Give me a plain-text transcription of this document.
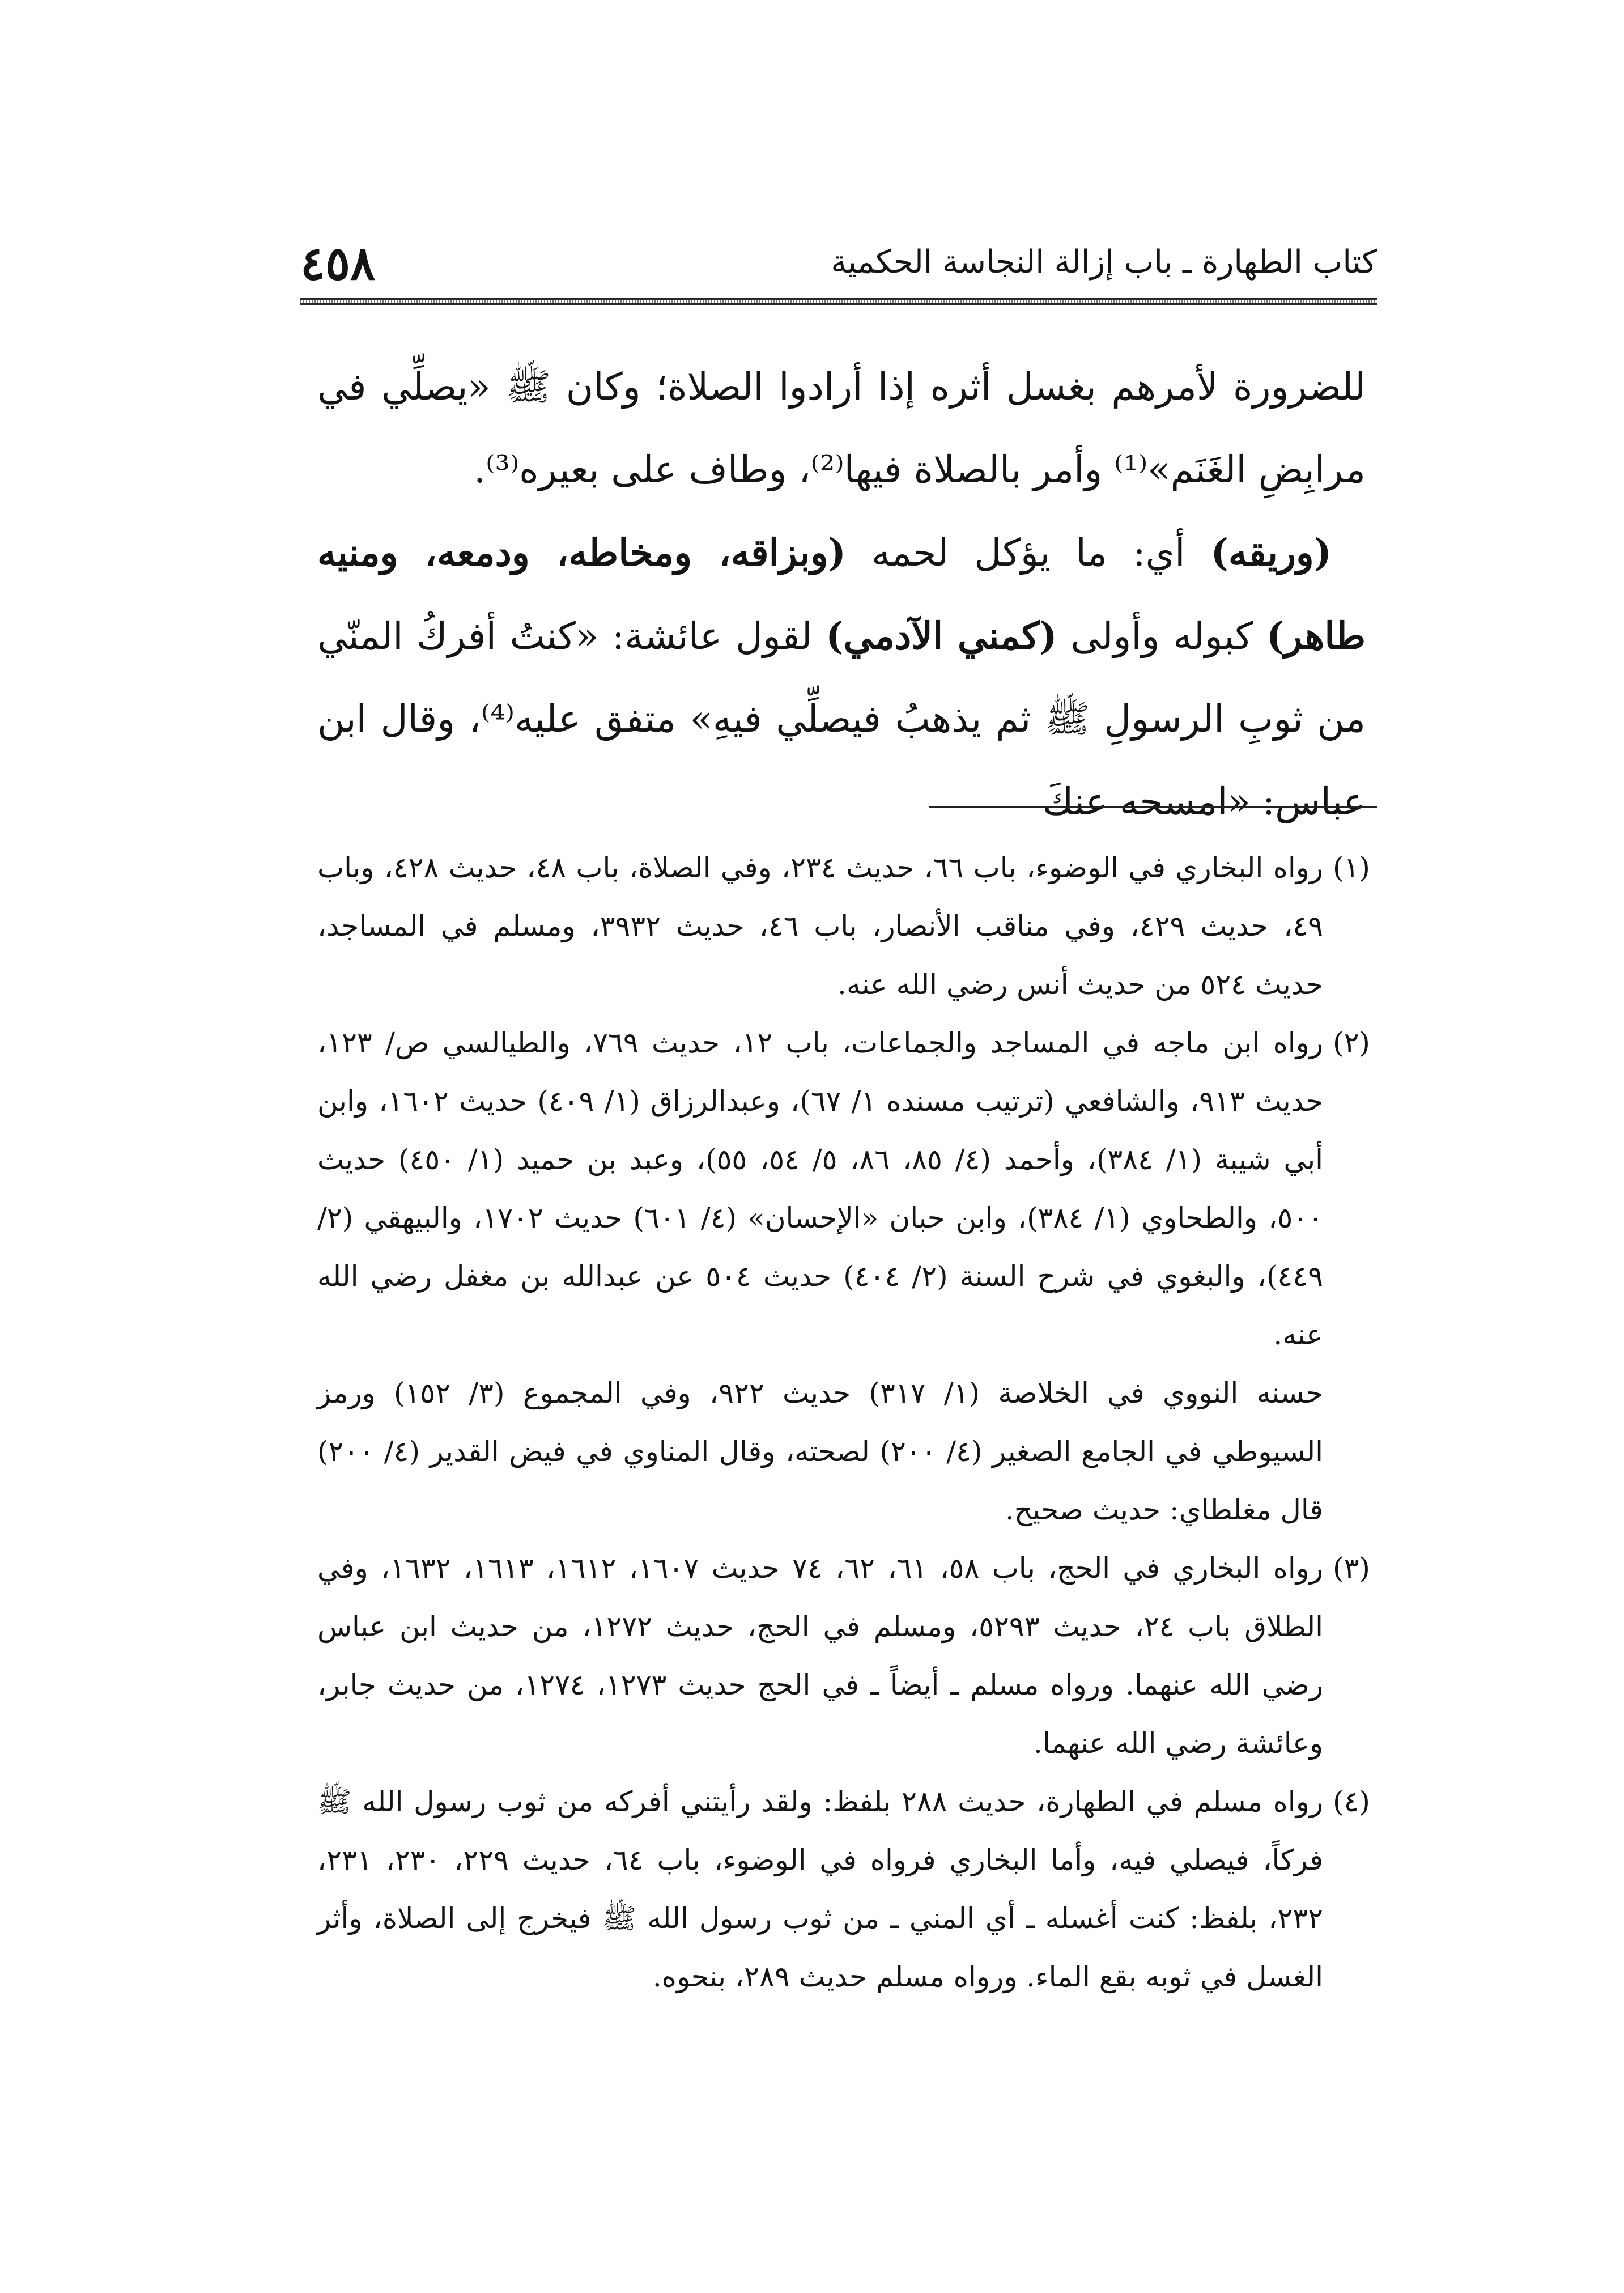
كتاب الطهارة ـ باب إزالة النجاسة الحكمية
٤٥٨

للضرورة لأمرهم بغسل أثره إذا أرادوا الصلاة؛ وكان ﷺ «يصلِّي في مرابِضِ الغَنَم»⁽¹⁾ وأمر بالصلاة فيها⁽²⁾، وطاف على بعيره⁽³⁾.

(وريقه) أي: ما يؤكل لحمه (وبزاقه، ومخاطه، ودمعه، ومنيه طاهر) كبوله وأولى (كمني الآدمي) لقول عائشة: «كنتُ أفركُ المنّي من ثوبِ الرسولِ ﷺ ثم يذهبُ فيصلِّي فيهِ» متفق عليه⁽⁴⁾، وقال ابن عباس: «امسحه عنكَ

(١)

رواه البخاري في الوضوء، باب ٦٦، حديث ٢٣٤، وفي الصلاة، باب ٤٨، حديث ٤٢٨، وباب ٤٩، حديث ٤٢٩، وفي مناقب الأنصار، باب ٤٦، حديث ٣٩٣٢، ومسلم في المساجد، حديث ٥٢٤ من حديث أنس رضي الله عنه.

(٢)

رواه ابن ماجه في المساجد والجماعات، باب ١٢، حديث ٧٦٩، والطيالسي ص/ ١٢٣، حديث ٩١٣، والشافعي (ترتيب مسنده ١/ ٦٧)، وعبدالرزاق (١/ ٤٠٩) حديث ١٦٠٢، وابن أبي شيبة (١/ ٣٨٤)، وأحمد (٤/ ٨٥، ٨٦، ٥/ ٥٤، ٥٥)، وعبد بن حميد (١/ ٤٥٠) حديث ٥٠٠، والطحاوي (١/ ٣٨٤)، وابن حبان «الإحسان» (٤/ ٦٠١) حديث ١٧٠٢، والبيهقي (٢/ ٤٤٩)، والبغوي في شرح السنة (٢/ ٤٠٤) حديث ٥٠٤ عن عبدالله بن مغفل رضي الله عنه.

حسنه النووي في الخلاصة (١/ ٣١٧) حديث ٩٢٢، وفي المجموع (٣/ ١٥٢) ورمز السيوطي في الجامع الصغير (٤/ ٢٠٠) لصحته، وقال المناوي في فيض القدير (٤/ ٢٠٠) قال مغلطاي: حديث صحيح.

(٣)

رواه البخاري في الحج، باب ٥٨، ٦١، ٦٢، ٧٤ حديث ١٦٠٧، ١٦١٢، ١٦١٣، ١٦٣٢، وفي الطلاق باب ٢٤، حديث ٥٢٩٣، ومسلم في الحج، حديث ١٢٧٢، من حديث ابن عباس رضي الله عنهما. ورواه مسلم ـ أيضاً ـ في الحج حديث ١٢٧٣، ١٢٧٤، من حديث جابر، وعائشة رضي الله عنهما.

(٤)

رواه مسلم في الطهارة، حديث ٢٨٨ بلفظ: ولقد رأيتني أفركه من ثوب رسول الله ﷺ فركاً، فيصلي فيه، وأما البخاري فرواه في الوضوء، باب ٦٤، حديث ٢٢٩، ٢٣٠، ٢٣١، ٢٣٢، بلفظ: كنت أغسله ـ أي المني ـ من ثوب رسول الله ﷺ فيخرج إلى الصلاة، وأثر الغسل في ثوبه بقع الماء. ورواه مسلم حديث ٢٨٩، بنحوه.
